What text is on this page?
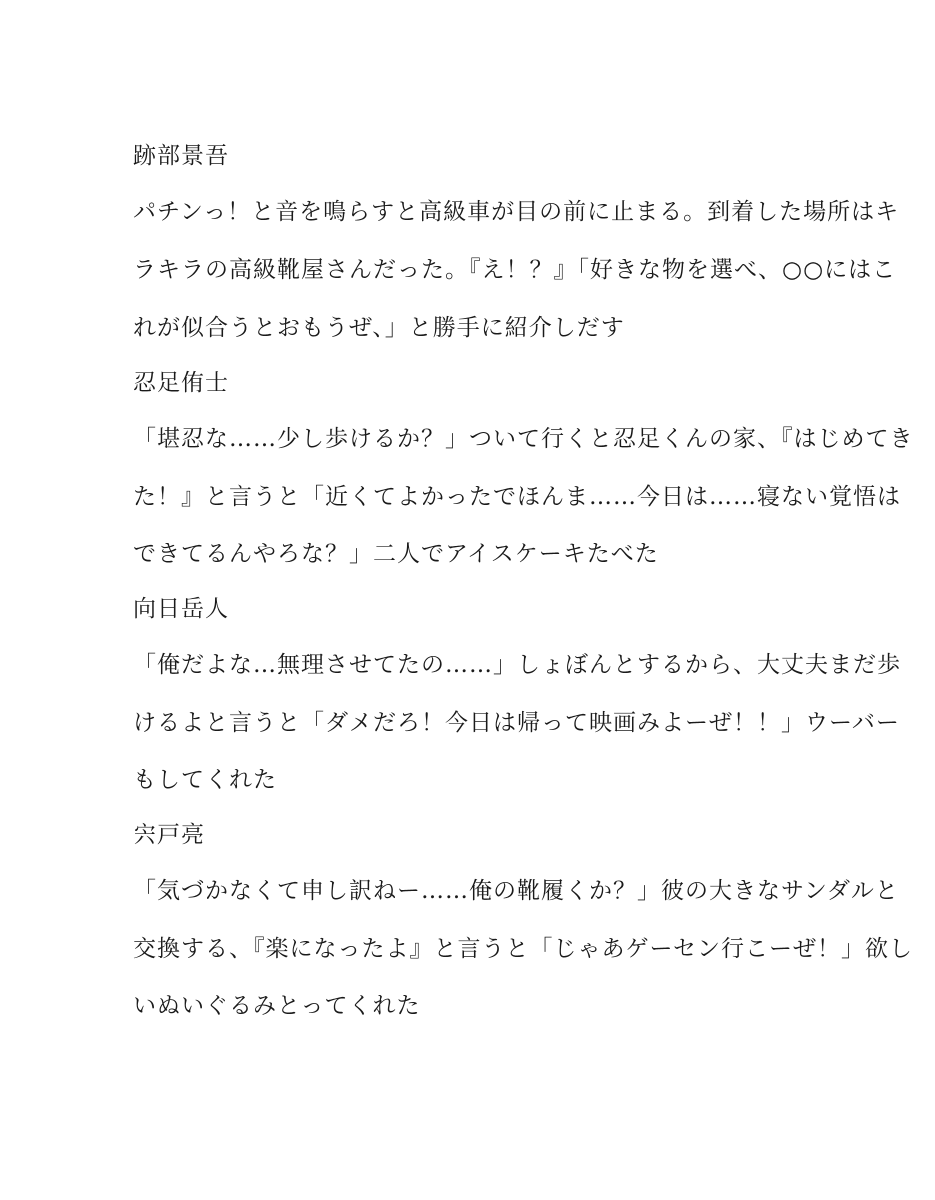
跡部景吾
パチンっ！と音を鳴らすと高級車が目の前に止まる。到着した場所はキ
ラキラの高級靴屋さんだった。『え！？』「好きな物を選べ、○○にはこ
れが似合うとおもうぜ、」と勝手に紹介しだす
忍足侑士
「堪忍な……少し歩けるか？」ついて行くと忍足くんの家、『はじめてき
た！』と言うと「近くてよかったでほんま……今日は……寝ない覚悟は
できてるんやろな？」二人でアイスケーキたべた
向日岳人
「俺だよな…無理させてたの……」しょぼんとするから、大丈夫まだ歩
けるよと言うと「ダメだろ！今日は帰って映画みよーぜ！！」ウーバー
もしてくれた
宍戸亮
「気づかなくて申し訳ねー……俺の靴履くか？」彼の大きなサンダルと
交換する、『楽になったよ』と言うと「じゃあゲーセン行こーぜ！」欲し
いぬいぐるみとってくれた
